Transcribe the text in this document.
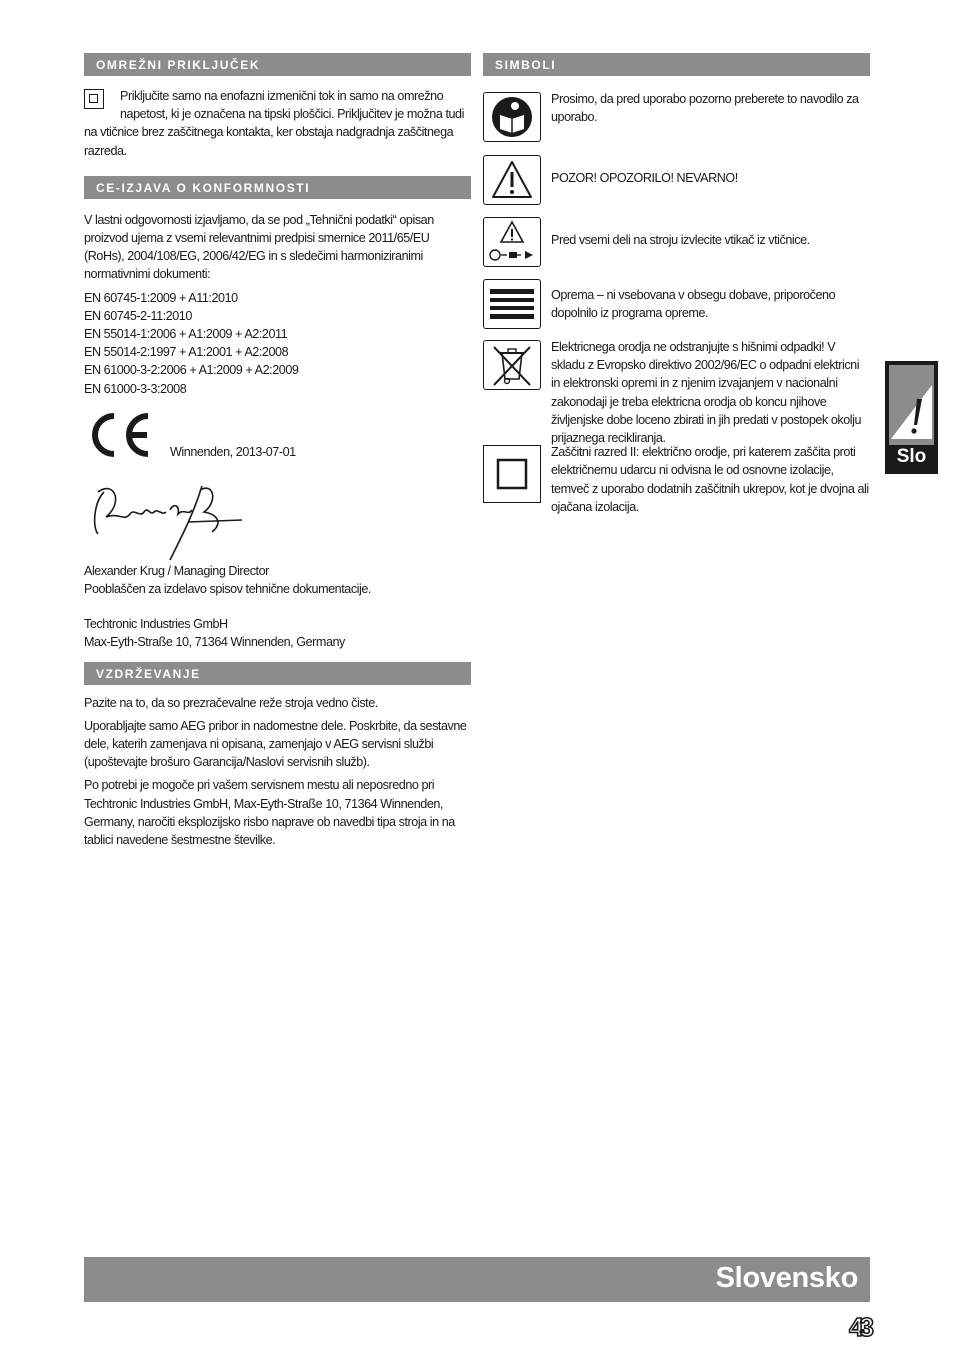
OMREŽNI PRIKLJUČEK

Priključite samo na enofazni izmenični tok in samo na omrežno napetost, ki je označena na tipski ploščici. Priključitev je možna tudi na vtičnice brez zaščitnega kontakta, ker obstaja nadgradnja zaščitnega razreda.

CE-IZJAVA O KONFORMNOSTI

V lastni odgovornosti izjavljamo, da se pod „Tehnični podatki“ opisan proizvod ujema z vsemi relevantnimi predpisi smernice 2011/65/EU (RoHs), 2004/108/EG, 2006/42/EG in s sledečimi harmoniziranimi normativnimi dokumenti:

EN 60745-1:2009 + A11:2010

EN 60745-2-11:2010

EN 55014-1:2006 + A1:2009 + A2:2011

EN 55014-2:1997 + A1:2001 + A2:2008

EN 61000-3-2:2006 + A1:2009 + A2:2009

EN 61000-3-3:2008

Winnenden, 2013-07-01

Alexander Krug / Managing Director

Pooblaščen za izdelavo spisov tehnične dokumentacije.

Techtronic Industries GmbH

Max-Eyth-Straße 10, 71364 Winnenden, Germany

VZDRŽEVANJE

Pazite na to, da so prezračevalne reže stroja vedno čiste.

Uporabljajte samo AEG pribor in nadomestne dele. Poskrbite, da sestavne dele, katerih zamenjava ni opisana, zamenjajo v AEG servisni službi (upoštevajte brošuro Garancija/Naslovi servisnih služb).

Po potrebi je mogoče pri vašem servisnem mestu ali neposredno pri Techtronic Industries GmbH, Max-Eyth-Straße 10, 71364 Winnenden, Germany, naročiti eksplozijsko risbo naprave ob navedbi tipa stroja in na tablici navedene šestmestne številke.

SIMBOLI

Prosimo, da pred uporabo pozorno preberete to navodilo za uporabo.

POZOR! OPOZORILO! NEVARNO!

Pred vsemi deli na stroju izvlecite vtikač iz vtičnice.

Oprema – ni vsebovana v obsegu dobave, priporočeno dopolnilo iz programa opreme.

Elektricnega orodja ne odstranjujte s hišnimi odpadki! V skladu z Evropsko direktivo 2002/96/EC o odpadni elektricni in elektronski opremi in z njenim izvajanjem v nacionalni zakonodaji je treba elektricna orodja ob koncu njihove življenjske dobe loceno zbirati in jih predati v postopek okolju prijaznega recikliranja.

Zaščitni razred II: električno orodje, pri katerem zaščita proti električnemu udarcu ni odvisna le od osnovne izolacije, temveč z uporabo dodatnih zaščitnih ukrepov, kot je dvojna ali ojačana izolacija.

Slo
Slovensko
43
